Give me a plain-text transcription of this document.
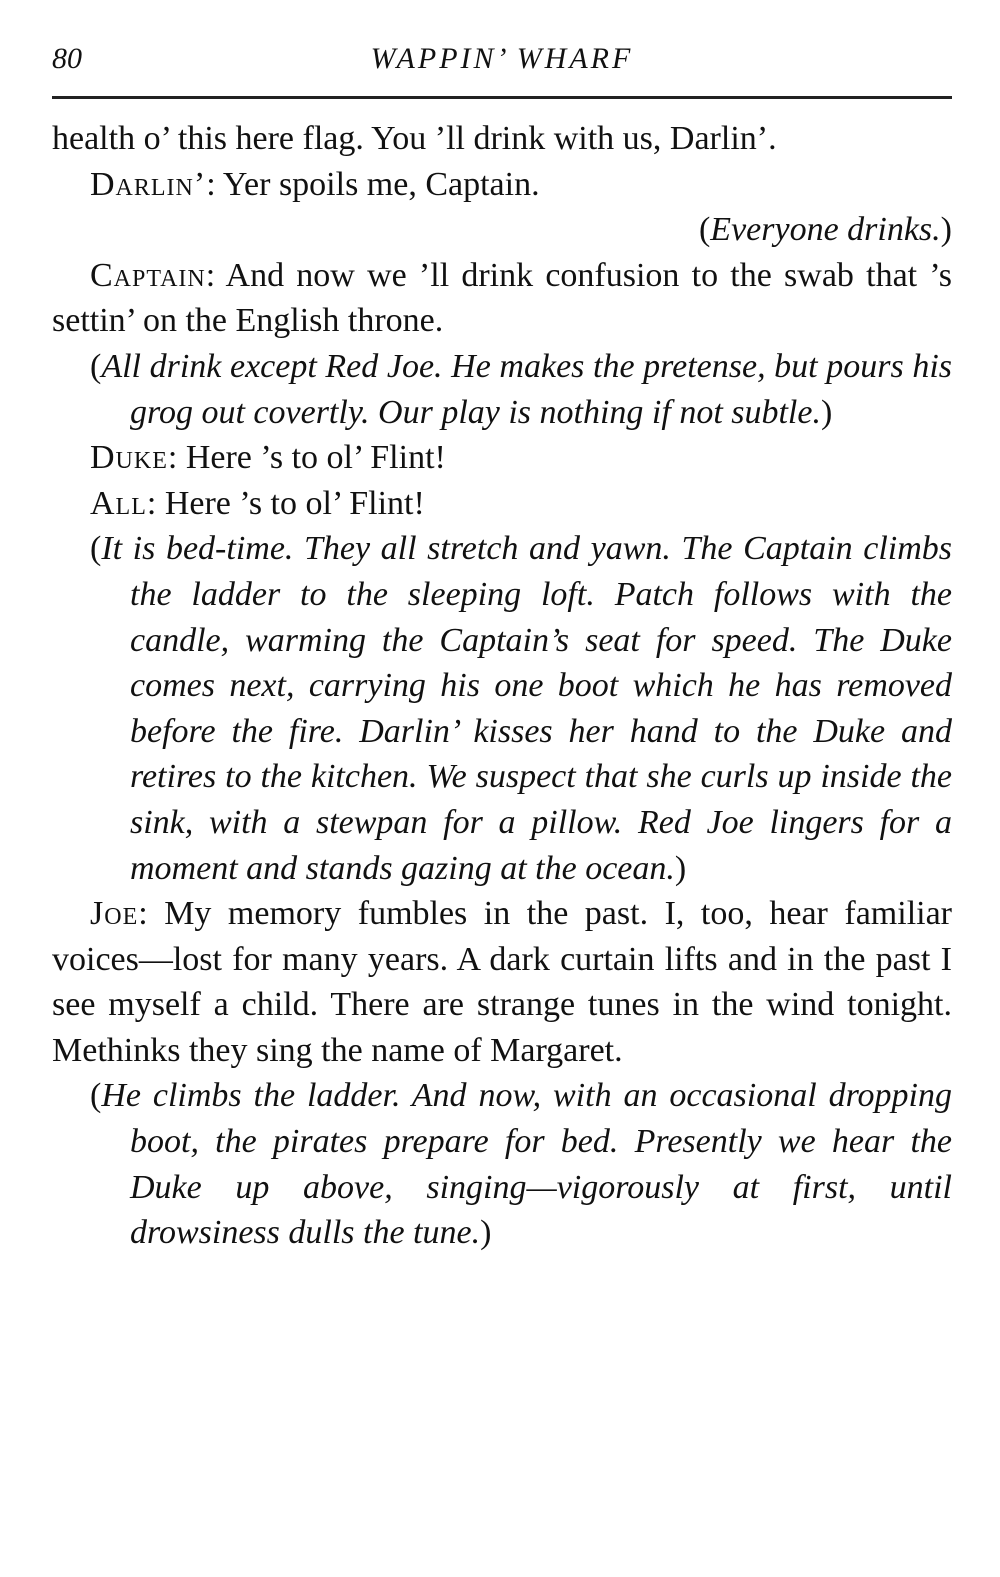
80	WAPPIN’ WHARF

health o’ this here flag. You ’ll drink with us, Darlin’.

Darlin’: Yer spoils me, Captain.

(Everyone drinks.)

Captain: And now we ’ll drink confusion to the swab that ’s settin’ on the English throne.

(All drink except Red Joe. He makes the pretense, but pours his grog out covertly. Our play is nothing if not subtle.)

Duke: Here ’s to ol’ Flint!

All: Here ’s to ol’ Flint!

(It is bed-time. They all stretch and yawn. The Captain climbs the ladder to the sleeping loft. Patch follows with the candle, warming the Captain’s seat for speed. The Duke comes next, carrying his one boot which he has removed before the fire. Darlin’ kisses her hand to the Duke and retires to the kitchen. We suspect that she curls up inside the sink, with a stewpan for a pillow. Red Joe lingers for a moment and stands gazing at the ocean.)

Joe: My memory fumbles in the past. I, too, hear familiar voices—lost for many years. A dark curtain lifts and in the past I see myself a child. There are strange tunes in the wind tonight. Methinks they sing the name of Margaret.

(He climbs the ladder. And now, with an occasional dropping boot, the pirates prepare for bed. Presently we hear the Duke up above, singing—vigorously at first, until drowsiness dulls the tune.)
